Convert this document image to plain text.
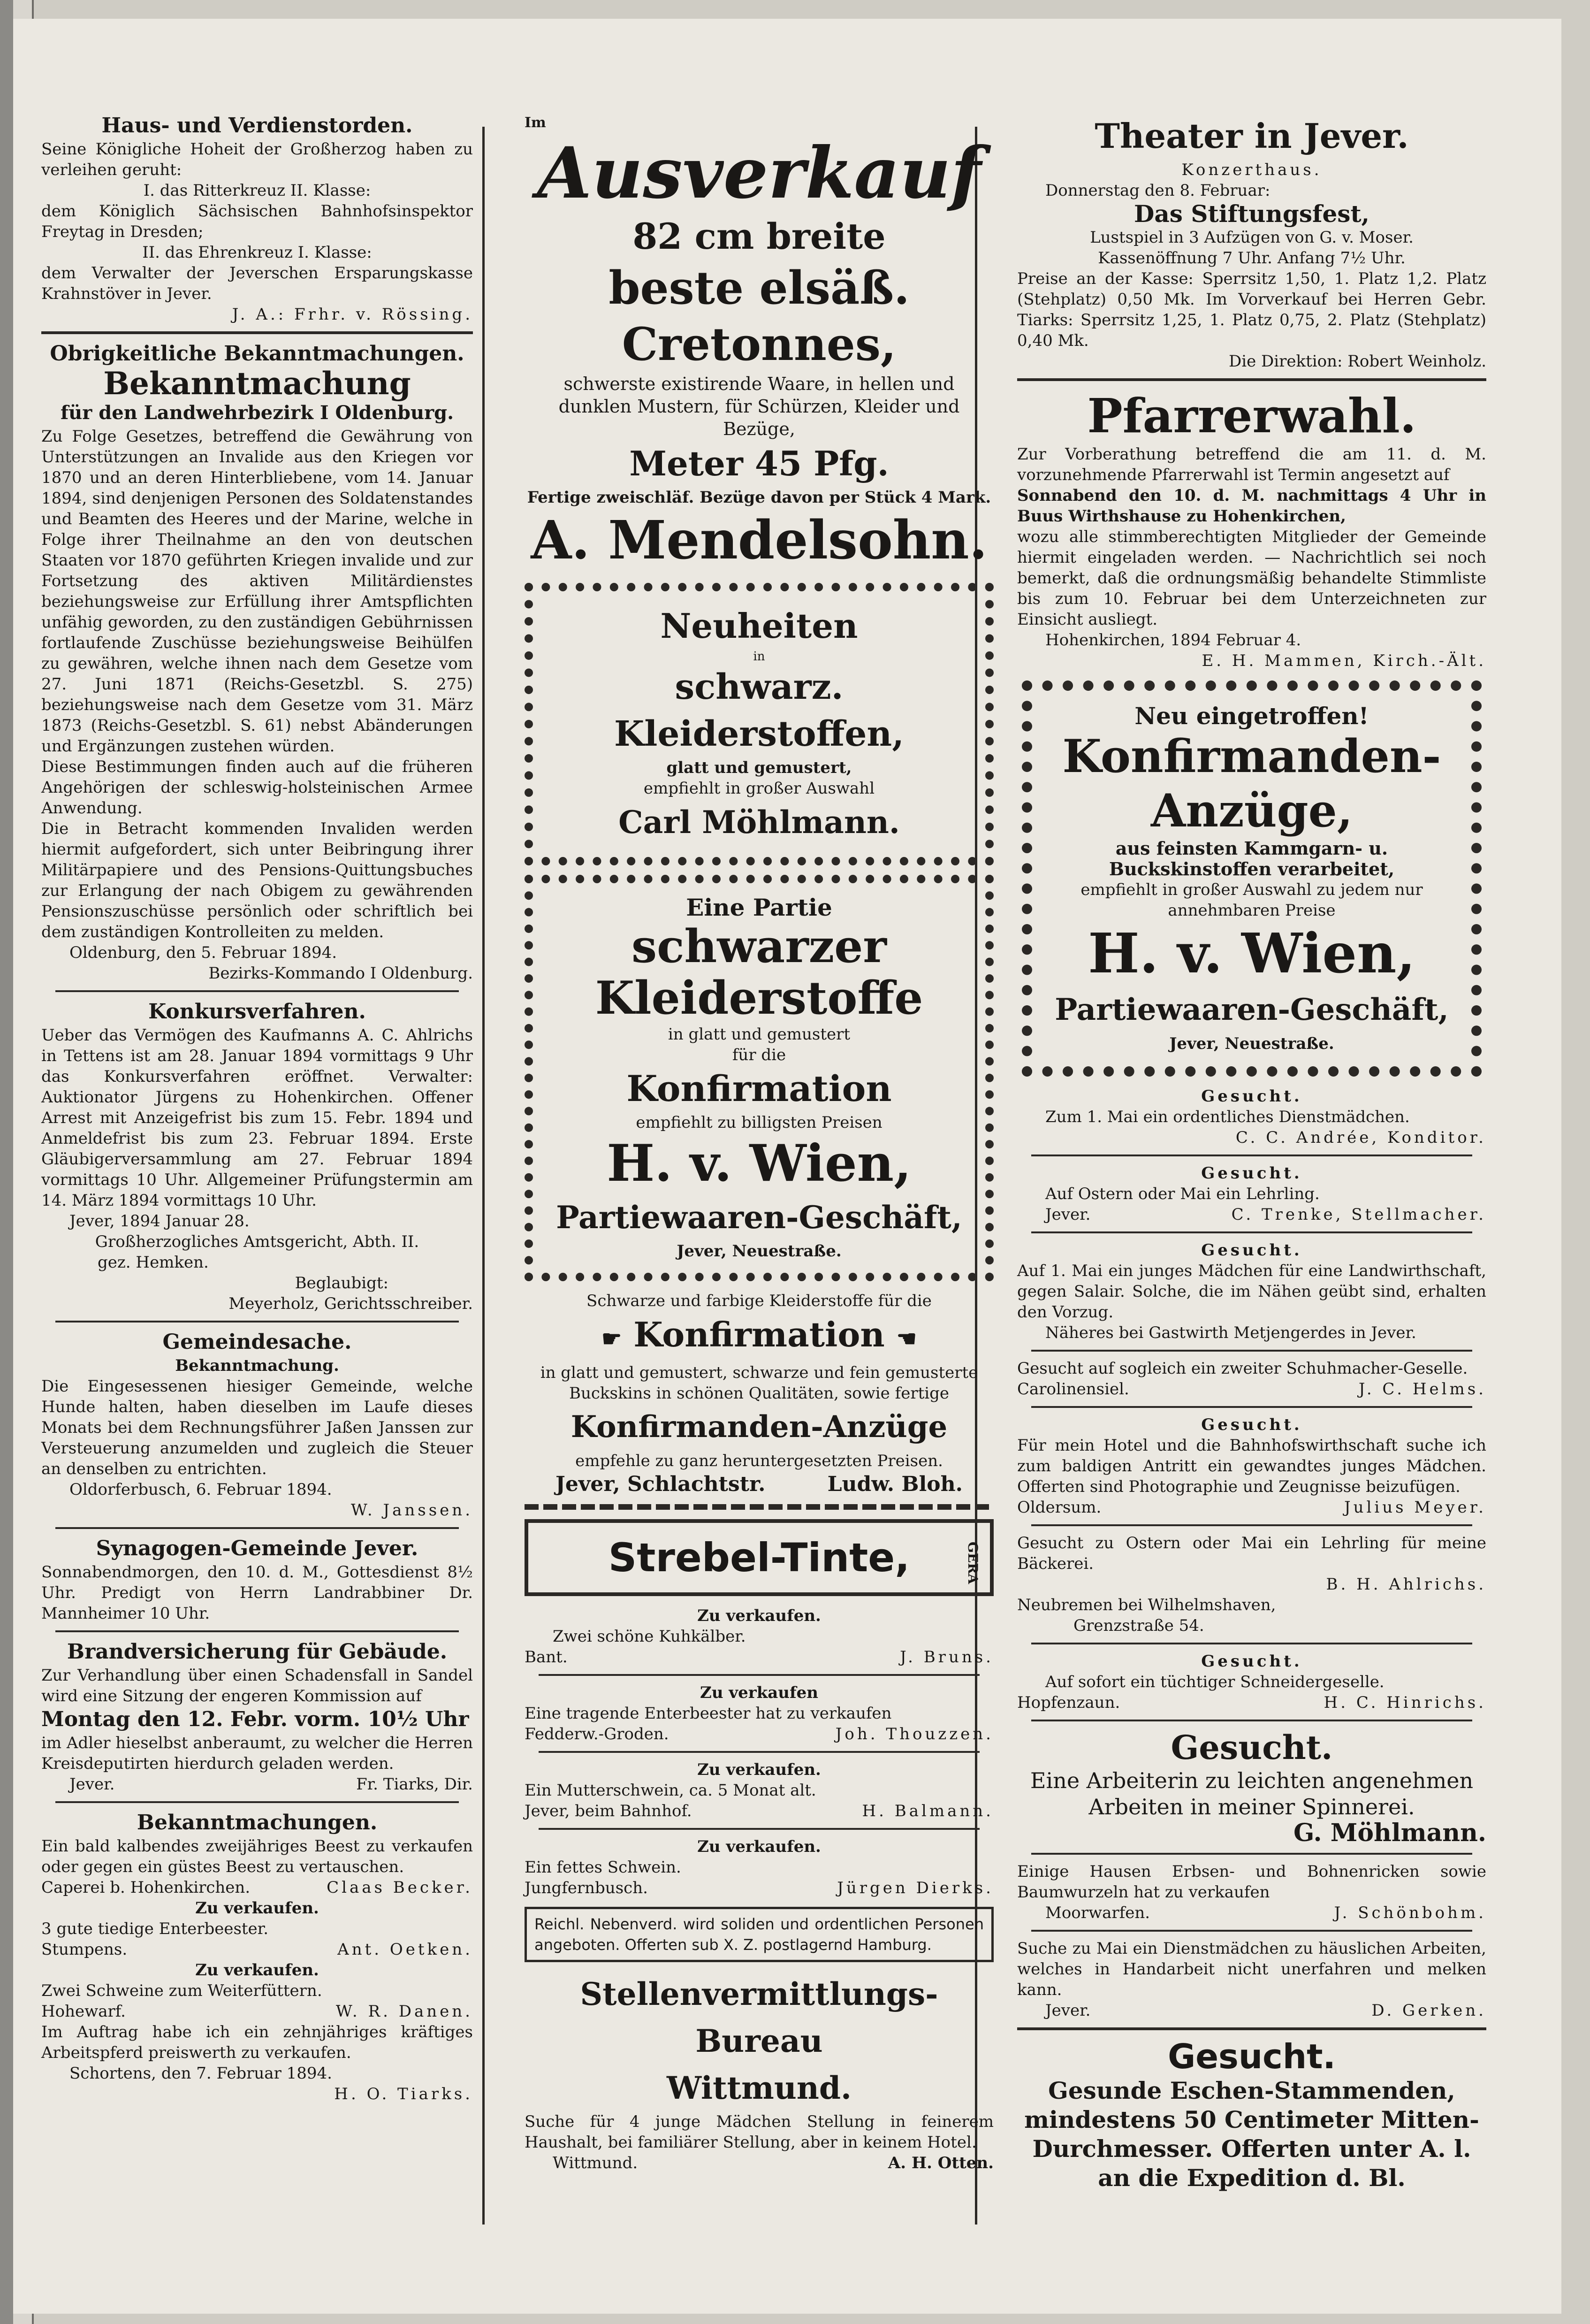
Haus- und Verdienstorden.

Seine Königliche Hoheit der Großherzog haben zu verleihen geruht:

I. das Ritterkreuz II. Klasse:

dem Königlich Sächsischen Bahnhofsinspektor Freytag in Dresden;

II. das Ehrenkreuz I. Klasse:

dem Verwalter der Jeverschen Ersparungskasse Krahnstöver in Jever.

J. A.: Frhr. v. Rössing.

Obrigkeitliche Bekanntmachungen.

Bekanntmachung

für den Landwehrbezirk I Oldenburg.

Zu Folge Gesetzes, betreffend die Gewährung von Unterstützungen an Invalide aus den Kriegen vor 1870 und an deren Hinterbliebene, vom 14. Januar 1894, sind denjenigen Personen des Soldatenstandes und Beamten des Heeres und der Marine, welche in Folge ihrer Theilnahme an den von deutschen Staaten vor 1870 geführten Kriegen invalide und zur Fortsetzung des aktiven Militärdienstes beziehungsweise zur Erfüllung ihrer Amtspflichten unfähig geworden, zu den zuständigen Gebührnissen fortlaufende Zuschüsse beziehungsweise Beihülfen zu gewähren, welche ihnen nach dem Gesetze vom 27. Juni 1871 (Reichs-Gesetzbl. S. 275) beziehungsweise nach dem Gesetze vom 31. März 1873 (Reichs-Gesetzbl. S. 61) nebst Abänderungen und Ergänzungen zustehen würden.

Diese Bestimmungen finden auch auf die früheren Angehörigen der schleswig-holsteinischen Armee Anwendung.

Die in Betracht kommenden Invaliden werden hiermit aufgefordert, sich unter Beibringung ihrer Militärpapiere und des Pensions-Quittungsbuches zur Erlangung der nach Obigem zu gewährenden Pensionszuschüsse persönlich oder schriftlich bei dem zuständigen Kontrolleiten zu melden.

Oldenburg, den 5. Februar 1894.

Bezirks-Kommando I Oldenburg.

Konkursverfahren.

Ueber das Vermögen des Kaufmanns A. C. Ahlrichs in Tettens ist am 28. Januar 1894 vormittags 9 Uhr das Konkursverfahren eröffnet. Verwalter: Auktionator Jürgens zu Hohenkirchen. Offener Arrest mit Anzeigefrist bis zum 15. Febr. 1894 und Anmeldefrist bis zum 23. Februar 1894. Erste Gläubigerversammlung am 27. Februar 1894 vormittags 10 Uhr. Allgemeiner Prüfungstermin am 14. März 1894 vormittags 10 Uhr.

Jever, 1894 Januar 28.

Großherzogliches Amtsgericht, Abth. II.

gez. Hemken.

Beglaubigt:

Meyerholz, Gerichtsschreiber.

Gemeindesache.

Bekanntmachung.

Die Eingesessenen hiesiger Gemeinde, welche Hunde halten, haben dieselben im Laufe dieses Monats bei dem Rechnungsführer Jaßen Janssen zur Versteuerung anzumelden und zugleich die Steuer an denselben zu entrichten.

Oldorferbusch, 6. Februar 1894.

W. Janssen.

Synagogen-Gemeinde Jever.

Sonnabendmorgen, den 10. d. M., Gottesdienst 8½ Uhr. Predigt von Herrn Landrabbiner Dr. Mannheimer 10 Uhr.

Brandversicherung für Gebäude.

Zur Verhandlung über einen Schadensfall in Sandel wird eine Sitzung der engeren Kommission auf

Montag den 12. Febr. vorm. 10½ Uhr

im Adler hieselbst anberaumt, zu welcher die Herren Kreisdeputirten hierdurch geladen werden.

Jever.	Fr. Tiarks, Dir.

Bekanntmachungen.

Ein bald kalbendes zweijähriges Beest zu verkaufen oder gegen ein güstes Beest zu vertauschen.

Caperei b. Hohenkirchen.	Claas Becker.

Zu verkaufen.

3 gute tiedige Enterbeester.

Stumpens.	Ant. Oetken.

Zu verkaufen.

Zwei Schweine zum Weiterfüttern.

Hohewarf.	W. R. Danen.

Im Auftrag habe ich ein zehnjähriges kräftiges Arbeitspferd preiswerth zu verkaufen.

Schortens, den 7. Februar 1894.

H. O. Tiarks.

Im

Ausverkauf

82 cm breite

beste elsäß. Cretonnes,

schwerste existirende Waare, in hellen und dunklen Mustern, für Schürzen, Kleider und Bezüge,

Meter 45 Pfg.

Fertige zweischläf. Bezüge davon per Stück 4 Mark.

A. Mendelsohn.

Neuheiten

in

schwarz. Kleiderstoffen,

glatt und gemustert,

empfiehlt in großer Auswahl

Carl Möhlmann.

Eine Partie

schwarzer

Kleiderstoffe

in glatt und gemustert

für die

Konfirmation

empfiehlt zu billigsten Preisen

H. v. Wien,

Partiewaaren-Geschäft,

Jever, Neuestraße.

Schwarze und farbige Kleiderstoffe für die

☛ Konfirmation ☚

in glatt und gemustert, schwarze und fein gemusterte Buckskins in schönen Qualitäten, sowie fertige

Konfirmanden-Anzüge

empfehle zu ganz heruntergesetzten Preisen.

Jever, Schlachtstr.	Ludw. Bloh.

Strebel-Tinte,	GERA

Zu verkaufen.

Zwei schöne Kuhkälber.

Bant.	J. Bruns.

Zu verkaufen

Eine tragende Enterbeester hat zu verkaufen

Fedderw.-Groden.	Joh. Thouzzen.

Zu verkaufen.

Ein Mutterschwein, ca. 5 Monat alt.

Jever, beim Bahnhof.	H. Balmann.

Zu verkaufen.

Ein fettes Schwein.

Jungfernbusch.	Jürgen Dierks.

Reichl. Nebenverd. wird soliden und ordentlichen Personen angeboten. Offerten sub X. Z. postlagernd Hamburg.

Stellenvermittlungs-Bureau

Wittmund.

Suche für 4 junge Mädchen Stellung in feinerem Haushalt, bei familiärer Stellung, aber in keinem Hotel.

Wittmund.	A. H. Otten.

Theater in Jever.

Konzerthaus.

Donnerstag den 8. Februar:

Das Stiftungsfest,

Lustspiel in 3 Aufzügen von G. v. Moser.

Kassenöffnung 7 Uhr. Anfang 7½ Uhr.

Preise an der Kasse: Sperrsitz 1,50, 1. Platz 1,2. Platz (Stehplatz) 0,50 Mk. Im Vorverkauf bei Herren Gebr. Tiarks: Sperrsitz 1,25, 1. Platz 0,75, 2. Platz (Stehplatz) 0,40 Mk.

Die Direktion: Robert Weinholz.

Pfarrerwahl.

Zur Vorberathung betreffend die am 11. d. M. vorzunehmende Pfarrerwahl ist Termin angesetzt auf

Sonnabend den 10. d. M. nachmittags 4 Uhr in Buus Wirthshause zu Hohenkirchen,

wozu alle stimmberechtigten Mitglieder der Gemeinde hiermit eingeladen werden. — Nachrichtlich sei noch bemerkt, daß die ordnungsmäßig behandelte Stimmliste bis zum 10. Februar bei dem Unterzeichneten zur Einsicht ausliegt.

Hohenkirchen, 1894 Februar 4.

E. H. Mammen, Kirch.-Ält.

Neu eingetroffen!

Konfirmanden-

Anzüge,

aus feinsten Kammgarn- u. Buckskinstoffen verarbeitet,

empfiehlt in großer Auswahl zu jedem nur annehmbaren Preise

H. v. Wien,

Partiewaaren-Geschäft,

Jever, Neuestraße.

Gesucht.

Zum 1. Mai ein ordentliches Dienstmädchen.

C. C. Andrée, Konditor.

Gesucht.

Auf Ostern oder Mai ein Lehrling.

Jever.	C. Trenke, Stellmacher.

Gesucht.

Auf 1. Mai ein junges Mädchen für eine Landwirthschaft, gegen Salair. Solche, die im Nähen geübt sind, erhalten den Vorzug.

Näheres bei Gastwirth Metjengerdes in Jever.

Gesucht auf sogleich ein zweiter Schuhmacher-Geselle.

Carolinensiel.	J. C. Helms.

Gesucht.

Für mein Hotel und die Bahnhofswirthschaft suche ich zum baldigen Antritt ein gewandtes junges Mädchen. Offerten sind Photographie und Zeugnisse beizufügen.

Oldersum.	Julius Meyer.

Gesucht zu Ostern oder Mai ein Lehrling für meine Bäckerei.

B. H. Ahlrichs.

Neubremen bei Wilhelmshaven,

Grenzstraße 54.

Gesucht.

Auf sofort ein tüchtiger Schneidergeselle.

Hopfenzaun.	H. C. Hinrichs.

Gesucht.

Eine Arbeiterin zu leichten angenehmen Arbeiten in meiner Spinnerei.

G. Möhlmann.

Einige Hausen Erbsen- und Bohnenricken sowie Baumwurzeln hat zu verkaufen

Moorwarfen.	J. Schönbohm.

Suche zu Mai ein Dienstmädchen zu häuslichen Arbeiten, welches in Handarbeit nicht unerfahren und melken kann.

Jever.	D. Gerken.

Gesucht.

Gesunde Eschen-Stammenden, mindestens 50 Centimeter Mitten-Durchmesser. Offerten unter A. l. an die Expedition d. Bl.
